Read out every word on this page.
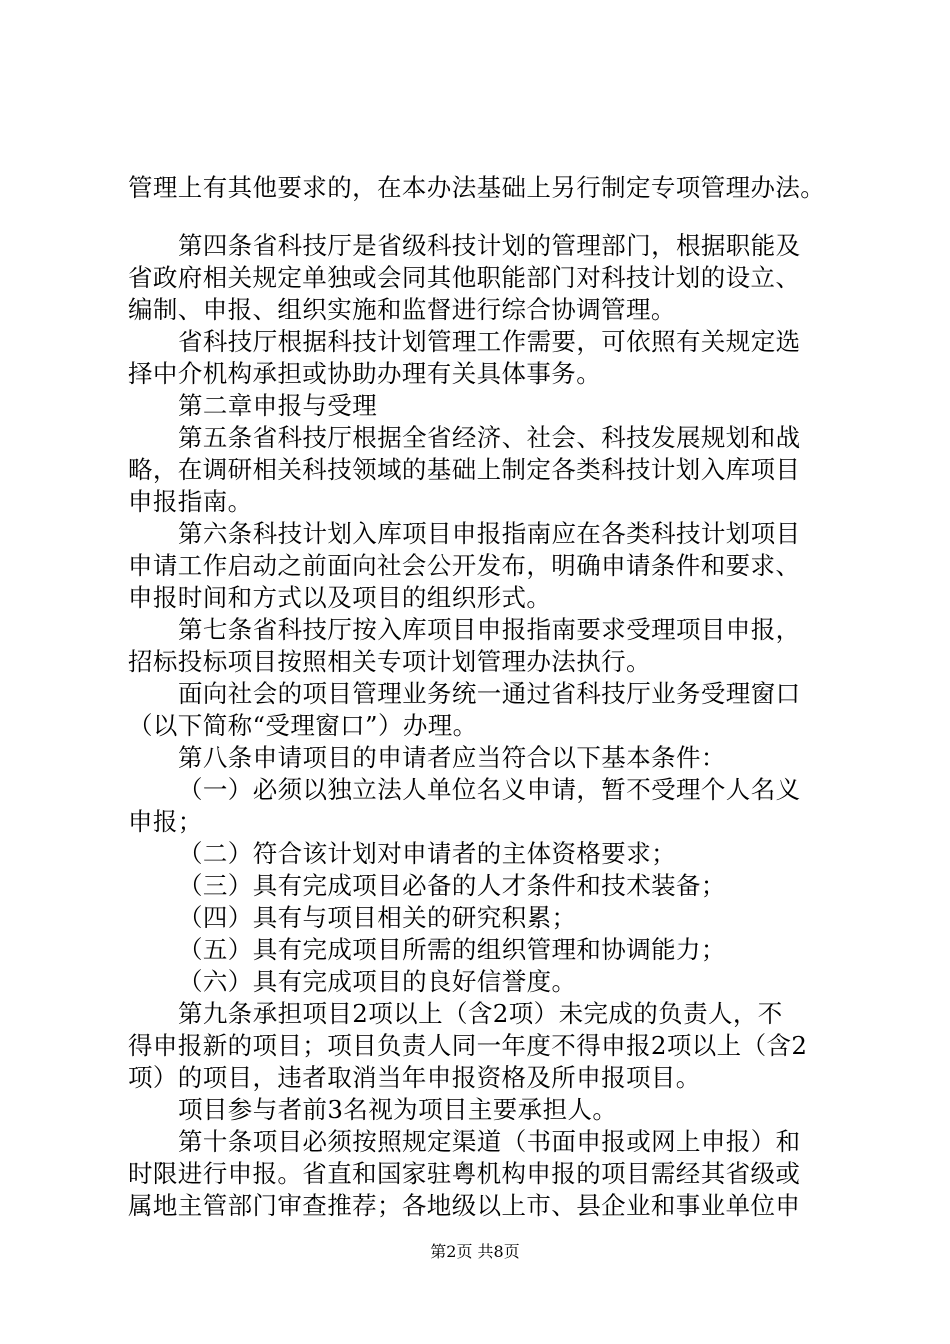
管理上有其他要求的，在本办法基础上另行制定专项管理办法。
第四条省科技厅是省级科技计划的管理部门，根据职能及
省政府相关规定单独或会同其他职能部门对科技计划的设立、
编制、申报、组织实施和监督进行综合协调管理。
省科技厅根据科技计划管理工作需要，可依照有关规定选
择中介机构承担或协助办理有关具体事务。
第二章申报与受理
第五条省科技厅根据全省经济、社会、科技发展规划和战
略，在调研相关科技领域的基础上制定各类科技计划入库项目
申报指南。
第六条科技计划入库项目申报指南应在各类科技计划项目
申请工作启动之前面向社会公开发布，明确申请条件和要求、
申报时间和方式以及项目的组织形式。
第七条省科技厅按入库项目申报指南要求受理项目申报，
招标投标项目按照相关专项计划管理办法执行。
面向社会的项目管理业务统一通过省科技厅业务受理窗口
（以下简称“受理窗口”）办理。
第八条申请项目的申请者应当符合以下基本条件：
（一）必须以独立法人单位名义申请，暂不受理个人名义
申报；
（二）符合该计划对申请者的主体资格要求；
（三）具有完成项目必备的人才条件和技术装备；
（四）具有与项目相关的研究积累；
（五）具有完成项目所需的组织管理和协调能力；
（六）具有完成项目的良好信誉度。
第九条承担项目2项以上（含2项）未完成的负责人，不
得申报新的项目；项目负责人同一年度不得申报2项以上（含2
项）的项目，违者取消当年申报资格及所申报项目。
项目参与者前3名视为项目主要承担人。
第十条项目必须按照规定渠道（书面申报或网上申报）和
时限进行申报。省直和国家驻粤机构申报的项目需经其省级或
属地主管部门审查推荐；各地级以上市、县企业和事业单位申
第2页 共8页
